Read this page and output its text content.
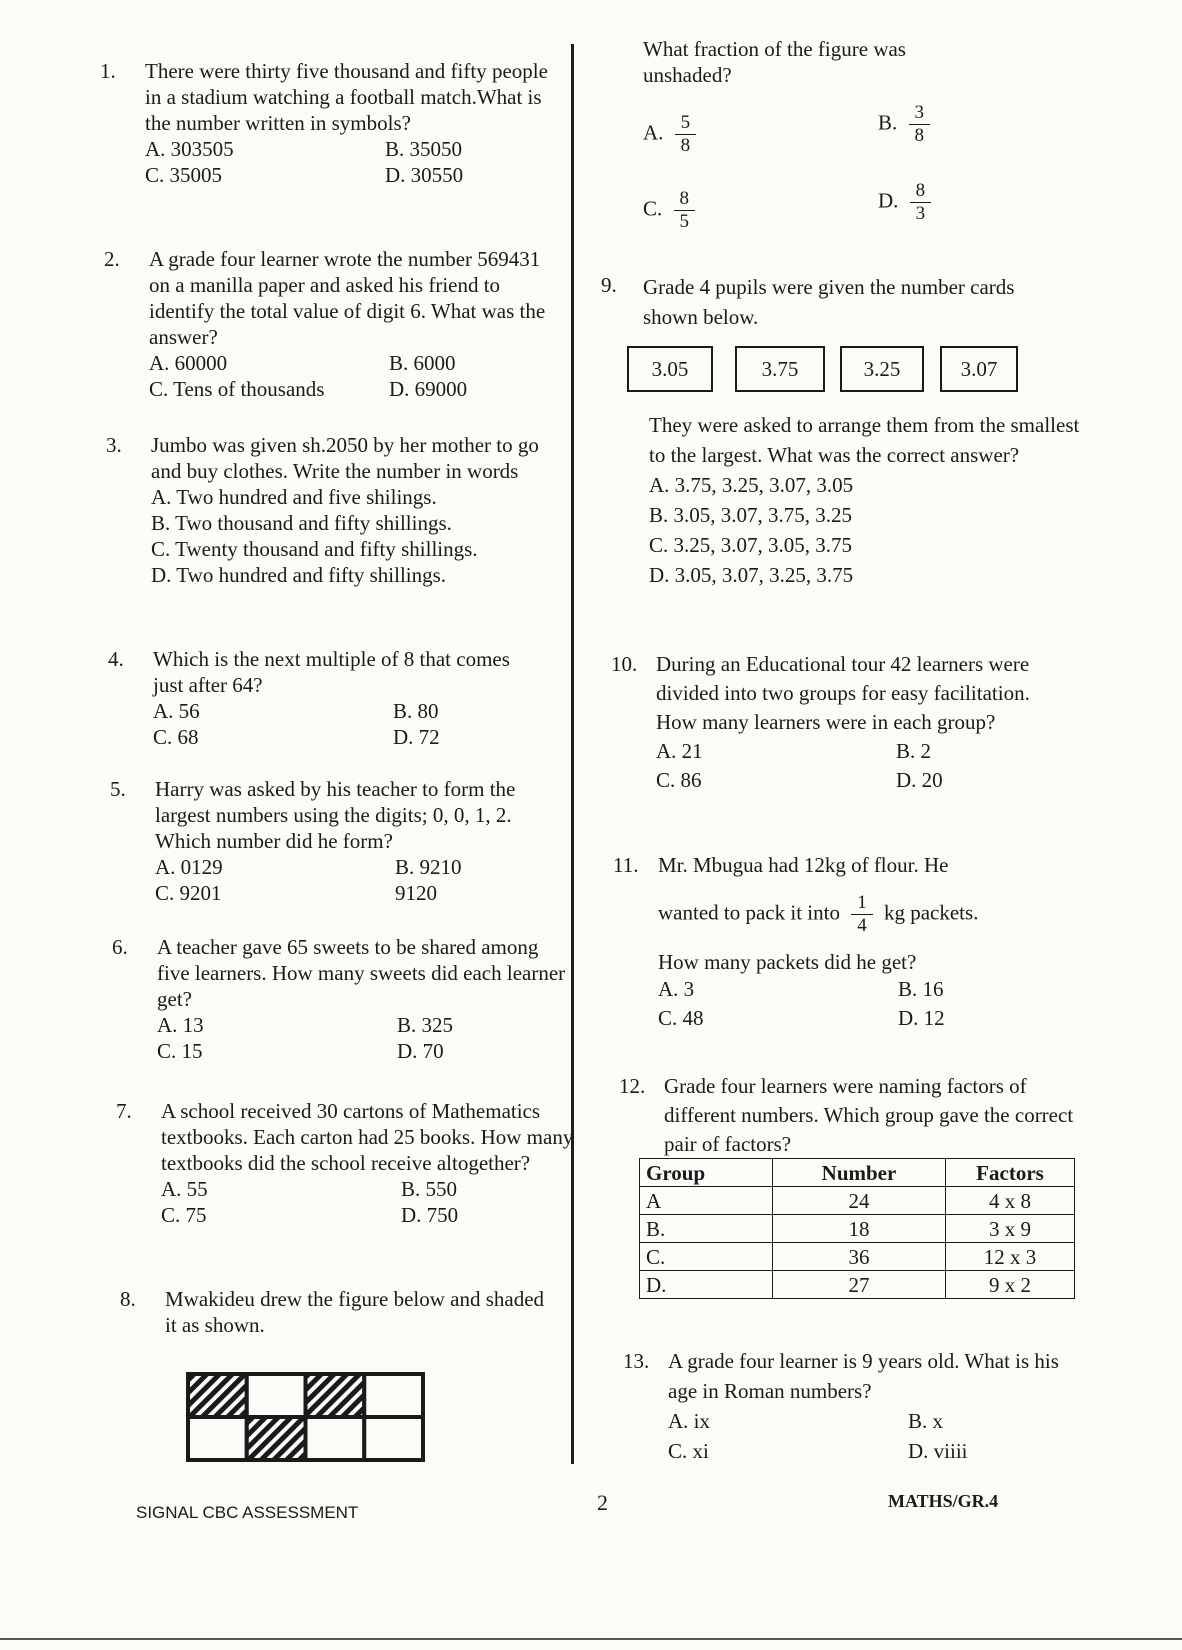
1.	There were thirty five thousand and fifty people in a stadium watching a football match.What is the number written in symbols?
A. 303505	B. 35050
C. 35005	D. 30550
2.	A grade four learner wrote the number 569431 on a manilla paper and asked his friend to identify the total value of digit 6. What was the answer?
A. 60000	B. 6000
C. Tens of thousands	D. 69000
3.	Jumbo was given sh.2050 by her mother to go and buy clothes. Write the number in words
A. Two hundred and five shilings.
B. Two thousand and fifty shillings.
C. Twenty thousand and fifty shillings.
D. Two hundred and fifty shillings.
4.	Which is the next multiple of 8 that comes just after 64?
A. 56	B. 80
C. 68	D. 72
5.	Harry was asked by his teacher to form the largest numbers using the digits; 0, 0, 1, 2. Which number did he form?
A. 0129	B. 9210
C. 9201	9120
6.	A teacher gave 65 sweets to be shared among five learners. How many sweets did each learner get?
A. 13	B. 325
C. 15	D. 70
7.	A school received 30 cartons of Mathematics textbooks. Each carton had 25 books. How many textbooks did the school receive altogether?
A. 55	B. 550
C. 75	D. 750
8.	Mwakideu drew the figure below and shaded it as shown.
What fraction of the figure was unshaded?
A. $\frac{5}{8}$	B. $\frac{3}{8}$
C. $\frac{8}{5}$	D. $\frac{8}{3}$
9.	Grade 4 pupils were given the number cards shown below.
3.05	3.75	3.25	3.07
They were asked to arrange them from the smallest to the largest. What was the correct answer?
A. 3.75, 3.25, 3.07, 3.05
B. 3.05, 3.07, 3.75, 3.25
C. 3.25, 3.07, 3.05, 3.75
D. 3.05, 3.07, 3.25, 3.75
10. During an Educational tour 42 learners were divided into two groups for easy facilitation. How many learners were in each group?
A. 21	B. 2
C. 86	D. 20
11. Mr. Mbugua had 12kg of flour. He
wanted to pack it into $\frac{1}{4}$ kg packets.
How many packets did he get?
A. 3	B. 16
C. 48	D. 12
12. Grade four learners were naming factors of different numbers. Which group gave the correct pair of factors?
Group	Number	Factors
A	24	4 x 8
B.	18	3 x 9
C.	36	12 x 3
D.	27	9 x 2
13. A grade four learner is 9 years old. What is his age in Roman numbers?
A. ix	B. x
C. xi	D. viiii
SIGNAL CBC ASSESSMENT	2	MATHS/GR.4
